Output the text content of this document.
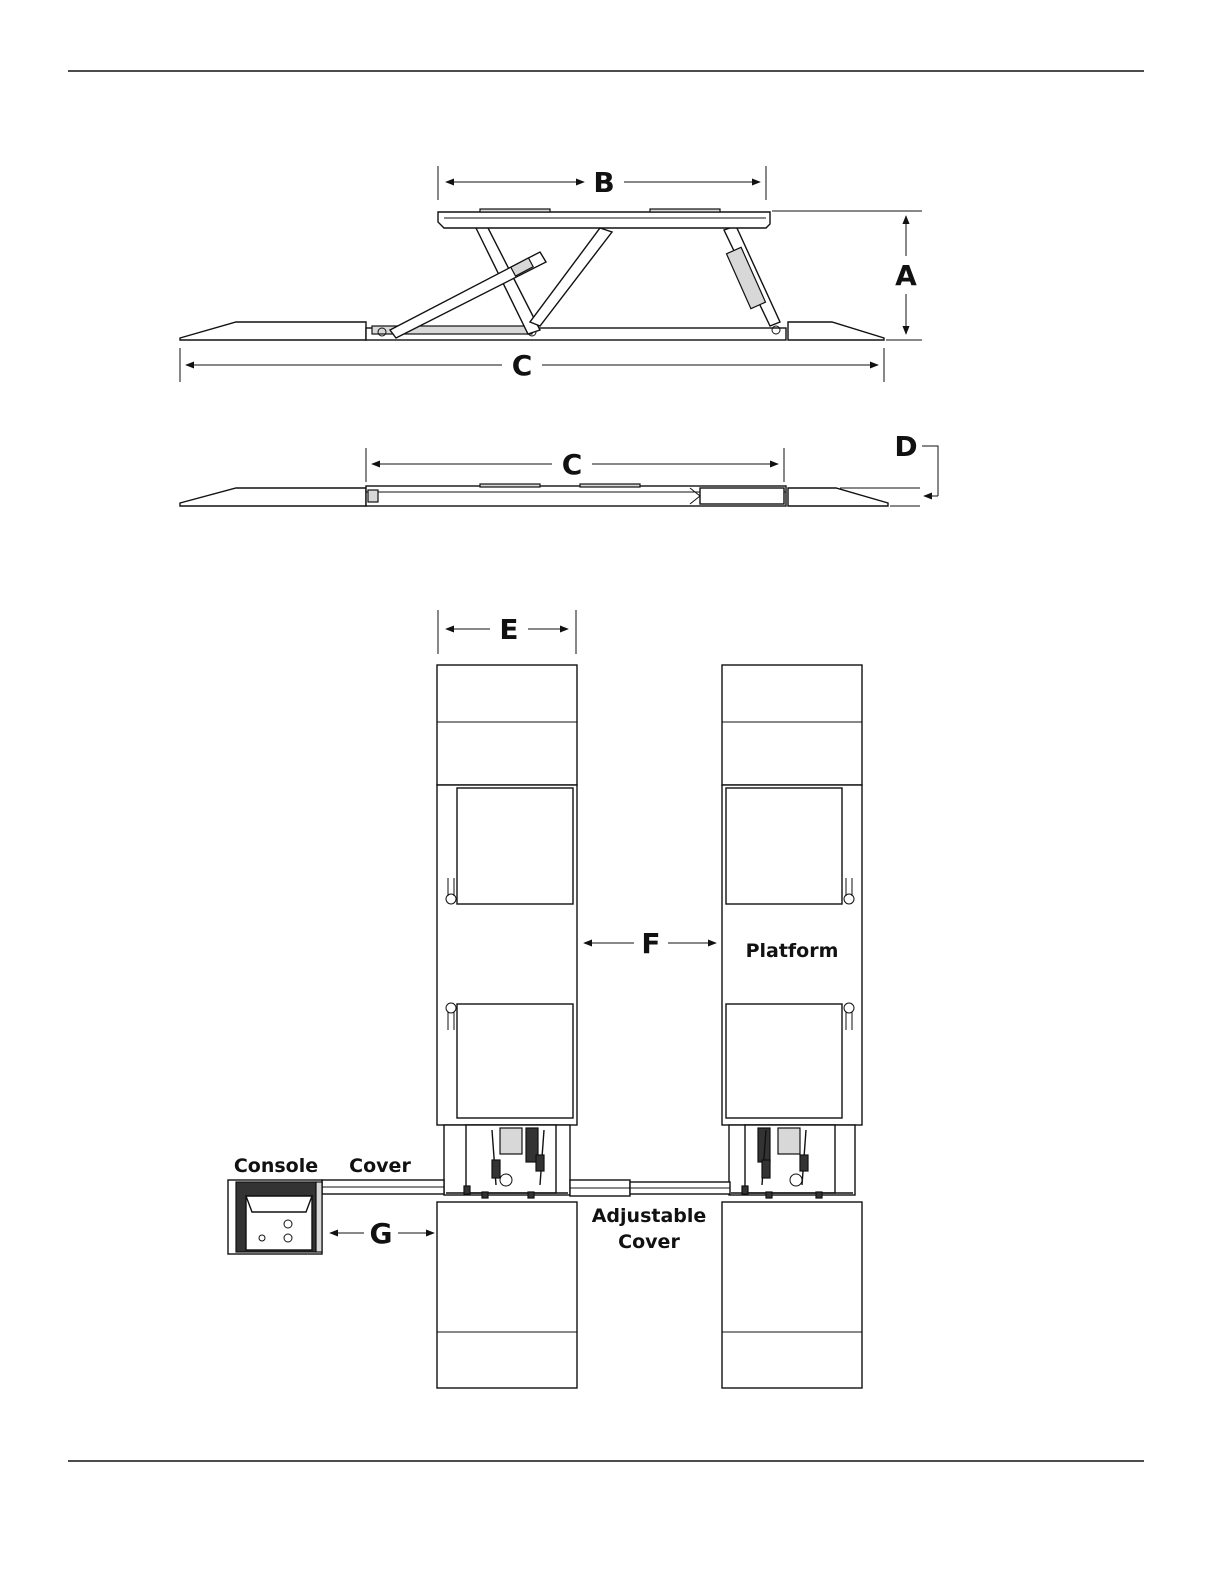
B
A
C
C
D
E
Platform
Adjustable
Cover
F
Cover
Console
G
